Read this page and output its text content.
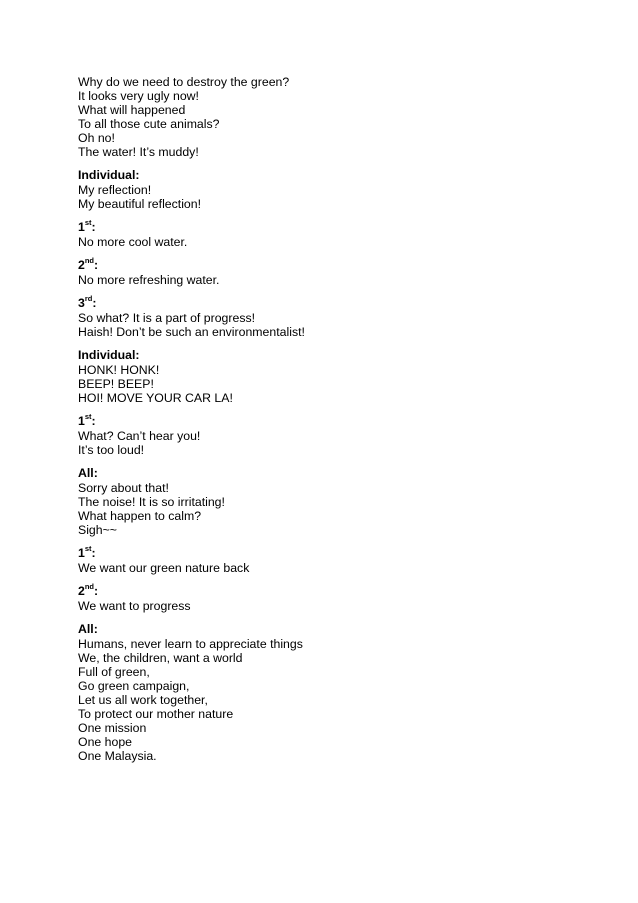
Why do we need to destroy the green?
It looks very ugly now!
What will happened
To all those cute animals?
Oh no!
The water! It’s muddy!
Individual:
My reflection!
My beautiful reflection!
1st:
No more cool water.
2nd:
No more refreshing water.
3rd:
So what? It is a part of progress!
Haish! Don’t be such an environmentalist!
Individual:
HONK! HONK!
BEEP! BEEP!
HOI! MOVE YOUR CAR LA!
1st:
What? Can’t hear you!
It’s too loud!
All:
Sorry about that!
The noise! It is so irritating!
What happen to calm?
Sigh~~
1st:
We want our green nature back
2nd:
We want to progress
All:
Humans, never learn to appreciate things
We, the children, want a world
Full of green,
Go green campaign,
Let us all work together,
To protect our mother nature
One mission
One hope
One Malaysia.
